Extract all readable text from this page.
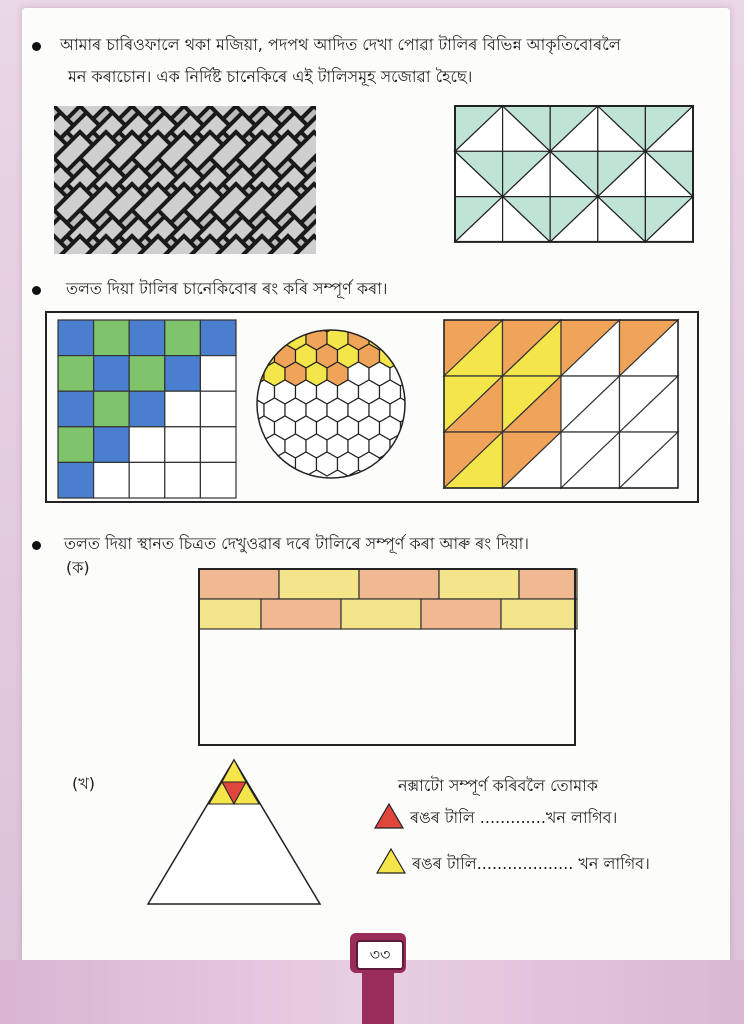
আমাৰ চাৰিওফালে থকা মজিয়া, পদপথ আদিত দেখা পোৱা টালিৰ বিভিন্ন আকৃতিবোৰলৈ
মন কৰাচোন। এক নিৰ্দিষ্ট চানেকিৰে এই টালিসমূহ সজোৱা হৈছে।
তলত দিয়া টালিৰ চানেকিবোৰ ৰং কৰি সম্পূৰ্ণ কৰা।
তলত দিয়া স্থানত চিত্ৰত দেখুওৱাৰ দৰে টালিৰে সম্পূৰ্ণ কৰা আৰু ৰং দিয়া।
(ক)
(খ)	নক্সাটো সম্পূৰ্ণ কৰিবলৈ তোমাক
ৰঙৰ টালি .............খন লাগিব।
ৰঙৰ টালি................... খন লাগিব।
৩৩
